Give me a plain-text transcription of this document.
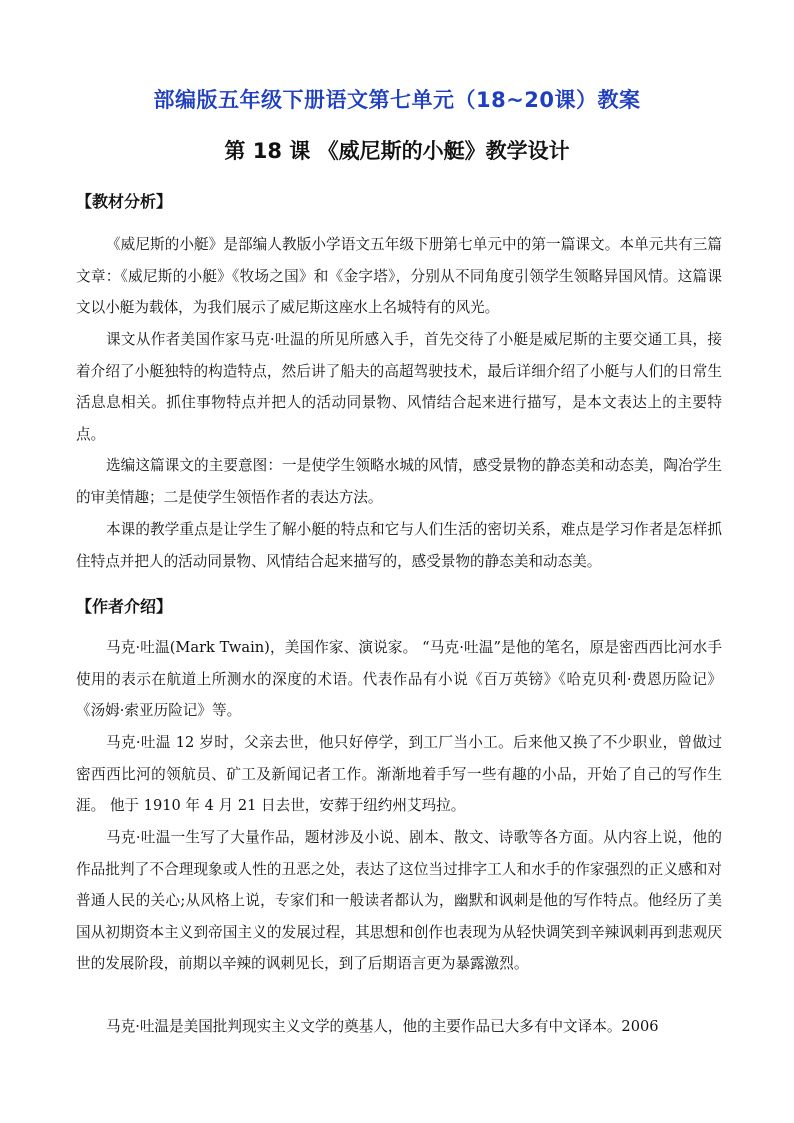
部编版五年级下册语文第七单元（18~20课）教案
第 18 课 《威尼斯的小艇》教学设计
【教材分析】

《威尼斯的小艇》是部编人教版小学语文五年级下册第七单元中的第一篇课文。本单元共有三篇文章：《威尼斯的小艇》《牧场之国》和《金字塔》，分别从不同角度引领学生领略异国风情。这篇课文以小艇为载体，为我们展示了威尼斯这座水上名城特有的风光。

课文从作者美国作家马克·吐温的所见所感入手，首先交待了小艇是威尼斯的主要交通工具，接着介绍了小艇独特的构造特点，然后讲了船夫的高超驾驶技术，最后详细介绍了小艇与人们的日常生活息息相关。抓住事物特点并把人的活动同景物、风情结合起来进行描写，是本文表达上的主要特点。

选编这篇课文的主要意图：一是使学生领略水城的风情，感受景物的静态美和动态美，陶冶学生的审美情趣；二是使学生领悟作者的表达方法。

本课的教学重点是让学生了解小艇的特点和它与人们生活的密切关系，难点是学习作者是怎样抓住特点并把人的活动同景物、风情结合起来描写的，感受景物的静态美和动态美。

【作者介绍】

马克·吐温(Mark Twain)，美国作家、演说家。 “马克·吐温”是他的笔名，原是密西西比河水手使用的表示在航道上所测水的深度的术语。代表作品有小说《百万英镑》《哈克贝利·费恩历险记》《汤姆·索亚历险记》等。

马克·吐温 12 岁时，父亲去世，他只好停学，到工厂当小工。后来他又换了不少职业，曾做过密西西比河的领航员、矿工及新闻记者工作。渐渐地着手写一些有趣的小品，开始了自己的写作生涯。 他于 1910 年 4 月 21 日去世，安葬于纽约州艾玛拉。

马克·吐温一生写了大量作品，题材涉及小说、剧本、散文、诗歌等各方面。从内容上说，他的作品批判了不合理现象或人性的丑恶之处，表达了这位当过排字工人和水手的作家强烈的正义感和对普通人民的关心;从风格上说，专家们和一般读者都认为，幽默和讽刺是他的写作特点。他经历了美国从初期资本主义到帝国主义的发展过程，其思想和创作也表现为从轻快调笑到辛辣讽刺再到悲观厌世的发展阶段，前期以辛辣的讽刺见长，到了后期语言更为暴露激烈。

马克·吐温是美国批判现实主义文学的奠基人，他的主要作品已大多有中文译本。2006
